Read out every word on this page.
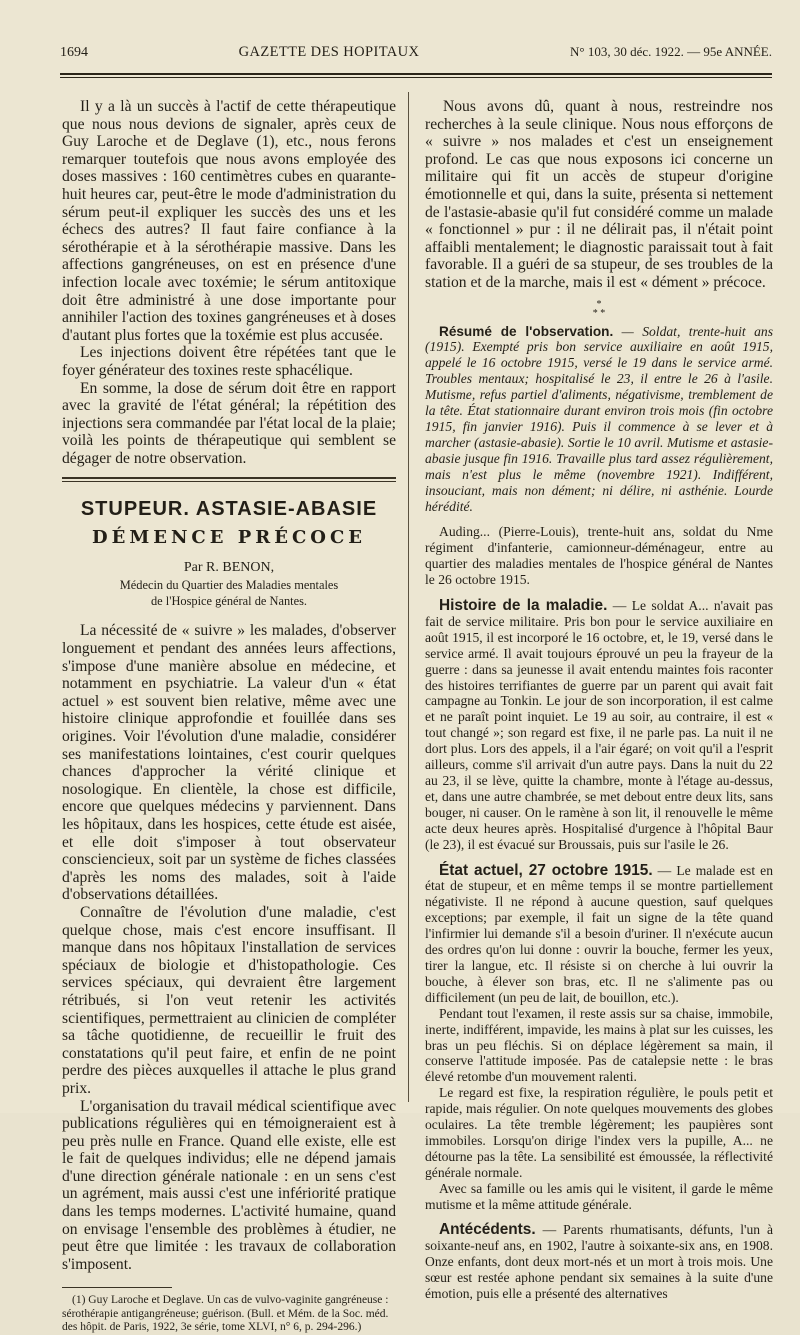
1694	GAZETTE DES HOPITAUX	N° 103, 30 déc. 1922. — 95e ANNÉE.

Il y a là un succès à l'actif de cette thérapeutique que nous nous devions de signaler, après ceux de Guy Laroche et de Deglave (1), etc., nous ferons remarquer toutefois que nous avons employée des doses massives : 160 centimètres cubes en quarante-huit heures car, peut-être le mode d'administration du sérum peut-il expliquer les succès des uns et les échecs des autres? Il faut faire confiance à la sérothérapie et à la sérothérapie massive. Dans les affections gangréneuses, on est en présence d'une infection locale avec toxémie; le sérum antitoxique doit être administré à une dose importante pour annihiler l'action des toxines gangréneuses et à doses d'autant plus fortes que la toxémie est plus accusée.

Les injections doivent être répétées tant que le foyer générateur des toxines reste sphacélique.

En somme, la dose de sérum doit être en rapport avec la gravité de l'état général; la répétition des injections sera commandée par l'état local de la plaie; voilà les points de thérapeutique qui semblent se dégager de notre observation.

STUPEUR. ASTASIE-ABASIE

DÉMENCE PRÉCOCE

Par R. BENON,

Médecin du Quartier des Maladies mentales

de l'Hospice général de Nantes.

La nécessité de « suivre » les malades, d'observer longuement et pendant des années leurs affections, s'impose d'une manière absolue en médecine, et notamment en psychiatrie. La valeur d'un « état actuel » est souvent bien relative, même avec une histoire clinique approfondie et fouillée dans ses origines. Voir l'évolution d'une maladie, considérer ses manifestations lointaines, c'est courir quelques chances d'approcher la vérité clinique et nosologique. En clientèle, la chose est difficile, encore que quelques médecins y parviennent. Dans les hôpitaux, dans les hospices, cette étude est aisée, et elle doit s'imposer à tout observateur consciencieux, soit par un système de fiches classées d'après les noms des malades, soit à l'aide d'observations détaillées.

Connaître de l'évolution d'une maladie, c'est quelque chose, mais c'est encore insuffisant. Il manque dans nos hôpitaux l'installation de services spéciaux de biologie et d'histopathologie. Ces services spéciaux, qui devraient être largement rétribués, si l'on veut retenir les activités scientifiques, permettraient au clinicien de compléter sa tâche quotidienne, de recueillir le fruit des constatations qu'il peut faire, et enfin de ne point perdre des pièces auxquelles il attache le plus grand prix.

L'organisation du travail médical scientifique avec publications régulières qui en témoigneraient est à peu près nulle en France. Quand elle existe, elle est le fait de quelques individus; elle ne dépend jamais d'une direction générale nationale : en un sens c'est un agrément, mais aussi c'est une infériorité pratique dans les temps modernes. L'activité humaine, quand on envisage l'ensemble des problèmes à étudier, ne peut être que limitée : les travaux de collaboration s'imposent.

(1) Guy Laroche et Deglave. Un cas de vulvo-vaginite gangréneuse : sérothérapie antigangréneuse; guérison. (Bull. et Mém. de la Soc. méd. des hôpit. de Paris, 1922, 3e série, tome XLVI, n° 6, p. 294-296.)

Nous avons dû, quant à nous, restreindre nos recherches à la seule clinique. Nous nous efforçons de « suivre » nos malades et c'est un enseignement profond. Le cas que nous exposons ici concerne un militaire qui fit un accès de stupeur d'origine émotionnelle et qui, dans la suite, présenta si nettement de l'astasie-abasie qu'il fut considéré comme un malade « fonctionnel » pur : il ne délirait pas, il n'était point affaibli mentalement; le diagnostic paraissait tout à fait favorable. Il a guéri de sa stupeur, de ses troubles de la station et de la marche, mais il est « dément » précoce.

*
* *

Résumé de l'observation. — Soldat, trente-huit ans (1915). Exempté pris bon service auxiliaire en août 1915, appelé le 16 octobre 1915, versé le 19 dans le service armé. Troubles mentaux; hospitalisé le 23, il entre le 26 à l'asile. Mutisme, refus partiel d'aliments, négativisme, tremblement de la tête. État stationnaire durant environ trois mois (fin octobre 1915, fin janvier 1916). Puis il commence à se lever et à marcher (astasie-abasie). Sortie le 10 avril. Mutisme et astasie-abasie jusque fin 1916. Travaille plus tard assez régulièrement, mais n'est plus le même (novembre 1921). Indifférent, insouciant, mais non dément; ni délire, ni asthénie. Lourde hérédité.

Auding... (Pierre-Louis), trente-huit ans, soldat du Nme régiment d'infanterie, camionneur-déménageur, entre au quartier des maladies mentales de l'hospice général de Nantes le 26 octobre 1915.

Histoire de la maladie. — Le soldat A... n'avait pas fait de service militaire. Pris bon pour le service auxiliaire en août 1915, il est incorporé le 16 octobre, et, le 19, versé dans le service armé. Il avait toujours éprouvé un peu la frayeur de la guerre : dans sa jeunesse il avait entendu maintes fois raconter des histoires terrifiantes de guerre par un parent qui avait fait campagne au Tonkin. Le jour de son incorporation, il est calme et ne paraît point inquiet. Le 19 au soir, au contraire, il est « tout changé »; son regard est fixe, il ne parle pas. La nuit il ne dort plus. Lors des appels, il a l'air égaré; on voit qu'il a l'esprit ailleurs, comme s'il arrivait d'un autre pays. Dans la nuit du 22 au 23, il se lève, quitte la chambre, monte à l'étage au-dessus, et, dans une autre chambrée, se met debout entre deux lits, sans bouger, ni causer. On le ramène à son lit, il renouvelle le même acte deux heures après. Hospitalisé d'urgence à l'hôpital Baur (le 23), il est évacué sur Broussais, puis sur l'asile le 26.

État actuel, 27 octobre 1915. — Le malade est en état de stupeur, et en même temps il se montre partiellement négativiste. Il ne répond à aucune question, sauf quelques exceptions; par exemple, il fait un signe de la tête quand l'infirmier lui demande s'il a besoin d'uriner. Il n'exécute aucun des ordres qu'on lui donne : ouvrir la bouche, fermer les yeux, tirer la langue, etc. Il résiste si on cherche à lui ouvrir la bouche, à élever son bras, etc. Il ne s'alimente pas ou difficilement (un peu de lait, de bouillon, etc.).

Pendant tout l'examen, il reste assis sur sa chaise, immobile, inerte, indifférent, impavide, les mains à plat sur les cuisses, les bras un peu fléchis. Si on déplace légèrement sa main, il conserve l'attitude imposée. Pas de catalepsie nette : le bras élevé retombe d'un mouvement ralenti.

Le regard est fixe, la respiration régulière, le pouls petit et rapide, mais régulier. On note quelques mouvements des globes oculaires. La tête tremble légèrement; les paupières sont immobiles. Lorsqu'on dirige l'index vers la pupille, A... ne détourne pas la tête. La sensibilité est émoussée, la réflectivité générale normale.

Avec sa famille ou les amis qui le visitent, il garde le même mutisme et la même attitude générale.

Antécédents. — Parents rhumatisants, défunts, l'un à soixante-neuf ans, en 1902, l'autre à soixante-six ans, en 1908. Onze enfants, dont deux mort-nés et un mort à trois mois. Une sœur est restée aphone pendant six semaines à la suite d'une émotion, puis elle a présenté des alternatives
